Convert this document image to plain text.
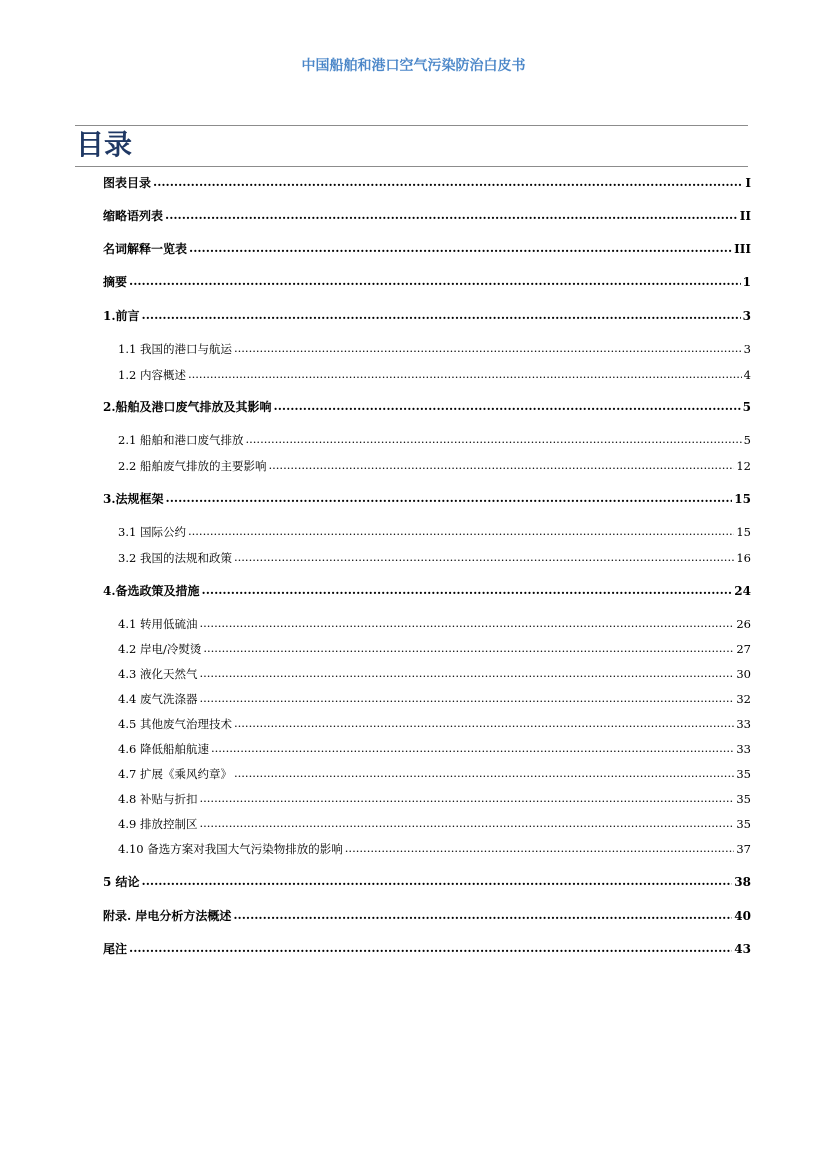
中国船舶和港口空气污染防治白皮书
目录
图表目录 .....	I
缩略语列表 .....	II
名词解释一览表 .....	III
摘要 .....	1
1.前言 .....	3
1.1 我国的港口与航运 .....	3
1.2 内容概述 .....	4
2.船舶及港口废气排放及其影响 .....	5
2.1 船舶和港口废气排放 .....	5
2.2 船舶废气排放的主要影响 .....	12
3.法规框架 .....	15
3.1 国际公约 .....	15
3.2 我国的法规和政策 .....	16
4.备选政策及措施 .....	24
4.1 转用低硫油 .....	26
4.2 岸电/冷熨烫 .....	27
4.3 液化天然气 .....	30
4.4 废气洗涤器 .....	32
4.5 其他废气治理技术 .....	33
4.6 降低船舶航速 .....	33
4.7 扩展《乘风约章》 .....	35
4.8 补贴与折扣 .....	35
4.9 排放控制区 .....	35
4.10 备选方案对我国大气污染物排放的影响 .....	37
5 结论 .....	38
附录. 岸电分析方法概述 .....	40
尾注 .....	43
